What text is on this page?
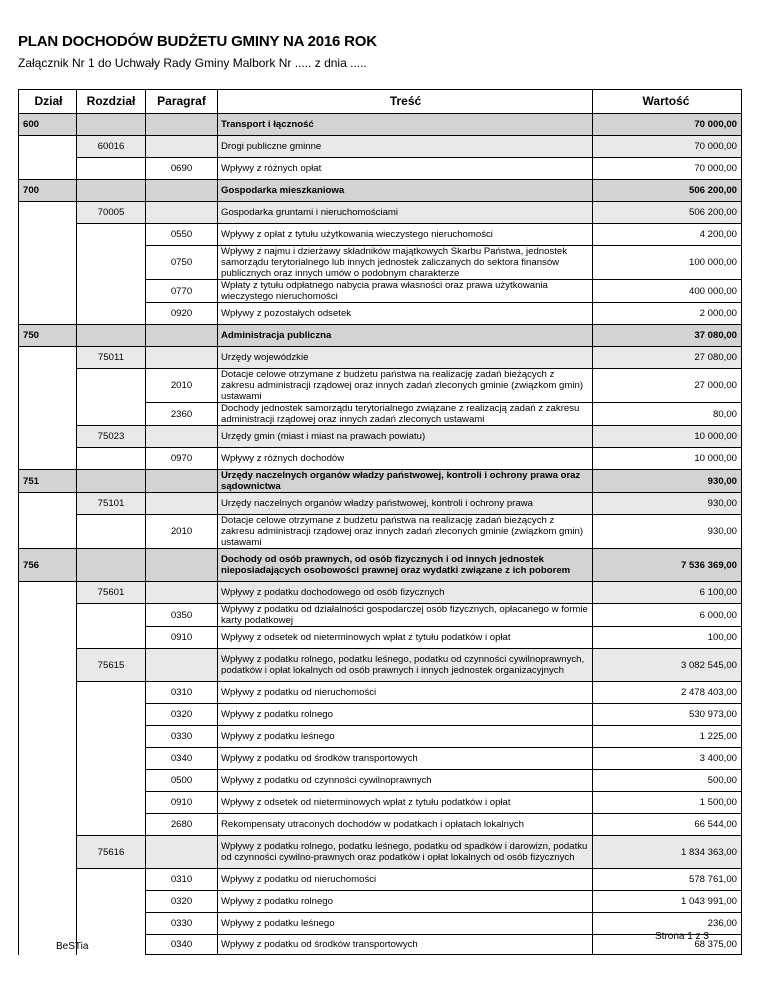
PLAN DOCHODÓW BUDŻETU GMINY NA 2016 ROK
Załącznik Nr 1 do Uchwały Rady Gminy Malbork Nr ..... z dnia .....
Dział	Rozdział	Paragraf	Treść	Wartość
600			Transport i łączność	70 000,00
	60016		Drogi publiczne gminne	70 000,00
		0690	Wpływy z różnych opłat	70 000,00
700			Gospodarka mieszkaniowa	506 200,00
	70005		Gospodarka gruntami i nieruchomościami	506 200,00
		0550	Wpływy z opłat z tytułu użytkowania wieczystego nieruchomości	4 200,00
		0750	Wpływy z najmu i dzierżawy składników majątkowych Skarbu Państwa, jednostek samorządu terytorialnego lub innych jednostek zaliczanych do sektora finansów publicznych oraz innych umów o podobnym charakterze	100 000,00
		0770	Wpłaty z tytułu odpłatnego nabycia prawa własności oraz prawa użytkowania wieczystego nieruchomości	400 000,00
		0920	Wpływy z pozostałych odsetek	2 000,00
750			Administracja publiczna	37 080,00
	75011		Urzędy wojewódzkie	27 080,00
		2010	Dotacje celowe otrzymane z budżetu państwa na realizację zadań bieżących z zakresu administracji rządowej oraz innych zadań zleconych gminie (związkom gmin) ustawami	27 000,00
		2360	Dochody jednostek samorządu terytorialnego związane z realizacją zadań z zakresu administracji rządowej oraz innych zadań zleconych ustawami	80,00
	75023		Urzędy gmin (miast i miast na prawach powiatu)	10 000,00
		0970	Wpływy z różnych dochodów	10 000,00
751			Urzędy naczelnych organów władzy państwowej, kontroli i ochrony prawa oraz sądownictwa	930,00
	75101		Urzędy naczelnych organów władzy państwowej, kontroli i ochrony prawa	930,00
		2010	Dotacje celowe otrzymane z budżetu państwa na realizację zadań bieżących z zakresu administracji rządowej oraz innych zadań zleconych gminie (związkom gmin) ustawami	930,00
756			Dochody od osób prawnych, od osób fizycznych i od innych jednostek nieposiadających osobowości prawnej oraz wydatki związane z ich poborem	7 536 369,00
	75601		Wpływy z podatku dochodowego od osób fizycznych	6 100,00
		0350	Wpływy z podatku od działalności gospodarczej osób fizycznych, opłacanego w formie karty podatkowej	6 000,00
		0910	Wpływy z odsetek od nieterminowych wpłat z tytułu podatków i opłat	100,00
	75615		Wpływy z podatku rolnego, podatku leśnego, podatku od czynności cywilnoprawnych, podatków i opłat lokalnych od osób prawnych i innych jednostek organizacyjnych	3 082 545,00
		0310	Wpływy z podatku od nieruchomości	2 478 403,00
		0320	Wpływy z podatku rolnego	530 973,00
		0330	Wpływy z podatku leśnego	1 225,00
		0340	Wpływy z podatku od środków transportowych	3 400,00
		0500	Wpływy z podatku od czynności cywilnoprawnych	500,00
		0910	Wpływy z odsetek od nieterminowych wpłat z tytułu podatków i opłat	1 500,00
		2680	Rekompensaty utraconych dochodów w podatkach i opłatach lokalnych	66 544,00
	75616		Wpływy z podatku rolnego, podatku leśnego, podatku od spadków i darowizn, podatku od czynności cywilno-prawnych oraz podatków i opłat lokalnych od osób fizycznych	1 834 363,00
		0310	Wpływy z podatku od nieruchomości	578 761,00
		0320	Wpływy z podatku rolnego	1 043 991,00
		0330	Wpływy z podatku leśnego	236,00
		0340	Wpływy z podatku od środków transportowych	68 375,00
BeSTia
Strona 1 z 3
